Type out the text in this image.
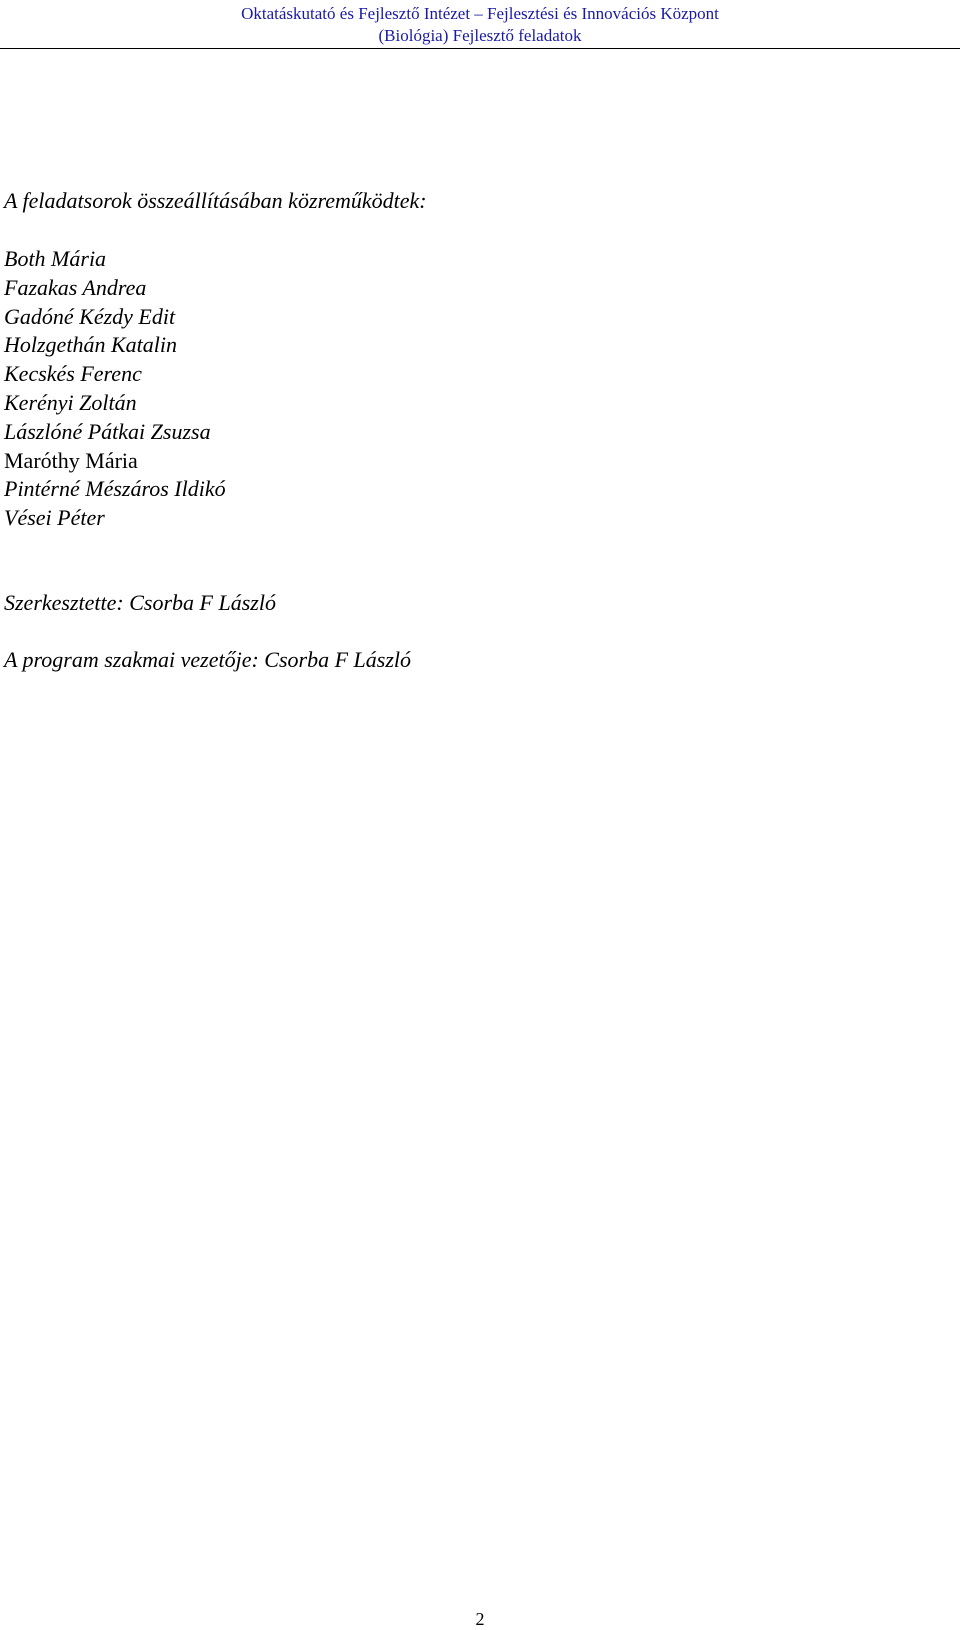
Oktatáskutató és Fejlesztő Intézet – Fejlesztési és Innovációs Központ
(Biológia) Fejlesztő feladatok

A feladatsorok összeállításában közreműködtek:

Both Mária
Fazakas Andrea
Gadóné Kézdy Edit
Holzgethán Katalin
Kecskés Ferenc
Kerényi Zoltán
Lászlóné Pátkai Zsuzsa
Maróthy Mária
Pintérné Mészáros Ildikó
Vései Péter

Szerkesztette: Csorba F László

A program szakmai vezetője: Csorba F László

2
